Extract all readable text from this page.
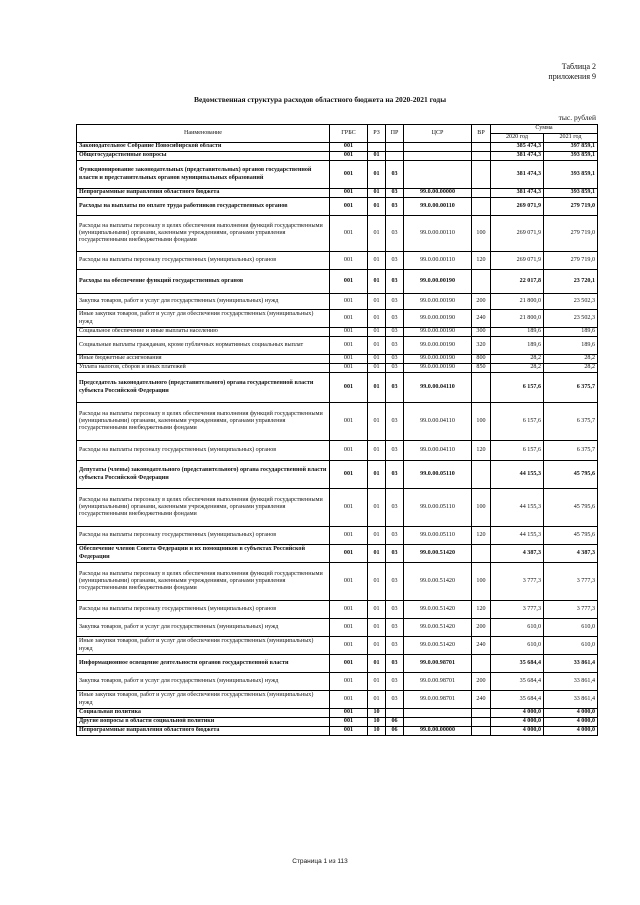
Таблица 2
приложения 9
Ведомственная структура расходов областного бюджета на 2020-2021 годы
тыс. рублей
Наименование	ГРБС	РЗ	ПР	ЦСР	ВР	Сумма	
						2020 год	2021 год
Законодательное Собрание Новосибирской области	001					385 474,3	397 859,1
Общегосударственные вопросы	001	01				381 474,3	393 859,1
Функционирование законодательных (представительных) органов государственной власти и представительных органов муниципальных образований	001	01	03			381 474,3	393 859,1
Непрограммные направления областного бюджета	001	01	03	99.0.00.00000		381 474,3	393 859,1
Расходы на выплаты по оплате труда работников государственных органов	001	01	03	99.0.00.00110		269 071,9	279 719,0
Расходы на выплаты персоналу в целях обеспечения выполнения функций государственными (муниципальными) органами, казенными учреждениями, органами управления государственными внебюджетными фондами	001	01	03	99.0.00.00110	100	269 071,9	279 719,0
Расходы на выплаты персоналу государственных (муниципальных) органов	001	01	03	99.0.00.00110	120	269 071,9	279 719,0
Расходы на обеспечение функций государственных органов	001	01	03	99.0.00.00190		22 017,8	23 720,1
Закупка товаров, работ и услуг для государственных (муниципальных) нужд	001	01	03	99.0.00.00190	200	21 800,0	23 502,3
Иные закупки товаров, работ и услуг для обеспечения государственных (муниципальных) нужд	001	01	03	99.0.00.00190	240	21 800,0	23 502,3
Социальное обеспечение и иные выплаты населению	001	01	03	99.0.00.00190	300	189,6	189,6
Социальные выплаты гражданам, кроме публичных нормативных социальных выплат	001	01	03	99.0.00.00190	320	189,6	189,6
Иные бюджетные ассигнования	001	01	03	99.0.00.00190	800	28,2	28,2
Уплата налогов, сборов и иных платежей	001	01	03	99.0.00.00190	850	28,2	28,2
Председатель законодательного (представительного) органа государственной власти субъекта Российской Федерации	001	01	03	99.0.00.04110		6 157,6	6 375,7
Расходы на выплаты персоналу в целях обеспечения выполнения функций государственными (муниципальными) органами, казенными учреждениями, органами управления государственными внебюджетными фондами	001	01	03	99.0.00.04110	100	6 157,6	6 375,7
Расходы на выплаты персоналу государственных (муниципальных) органов	001	01	03	99.0.00.04110	120	6 157,6	6 375,7
Депутаты (члены) законодательного (представительного) органа государственной власти субъекта Российской Федерации	001	01	03	99.0.00.05110		44 155,3	45 795,6
Расходы на выплаты персоналу в целях обеспечения выполнения функций государственными (муниципальными) органами, казенными учреждениями, органами управления государственными внебюджетными фондами	001	01	03	99.0.00.05110	100	44 155,3	45 795,6
Расходы на выплаты персоналу государственных (муниципальных) органов	001	01	03	99.0.00.05110	120	44 155,3	45 795,6
Обеспечение членов Совета Федерации и их помощников в субъектах Российской Федерации	001	01	03	99.0.00.51420		4 387,3	4 387,3
Расходы на выплаты персоналу в целях обеспечения выполнения функций государственными (муниципальными) органами, казенными учреждениями, органами управления государственными внебюджетными фондами	001	01	03	99.0.00.51420	100	3 777,3	3 777,3
Расходы на выплаты персоналу государственных (муниципальных) органов	001	01	03	99.0.00.51420	120	3 777,3	3 777,3
Закупка товаров, работ и услуг для государственных (муниципальных) нужд	001	01	03	99.0.00.51420	200	610,0	610,0
Иные закупки товаров, работ и услуг для обеспечения государственных (муниципальных) нужд	001	01	03	99.0.00.51420	240	610,0	610,0
Информационное освещение деятельности органов государственной власти	001	01	03	99.0.00.98701		35 684,4	33 861,4
Закупка товаров, работ и услуг для государственных (муниципальных) нужд	001	01	03	99.0.00.98701	200	35 684,4	33 861,4
Иные закупки товаров, работ и услуг для обеспечения государственных (муниципальных) нужд	001	01	03	99.0.00.98701	240	35 684,4	33 861,4
Социальная политика	001	10				4 000,0	4 000,0
Другие вопросы в области социальной политики	001	10	06			4 000,0	4 000,0
Непрограммные направления областного бюджета	001	10	06	99.0.00.00000		4 000,0	4 000,0
Страница 1 из 113
